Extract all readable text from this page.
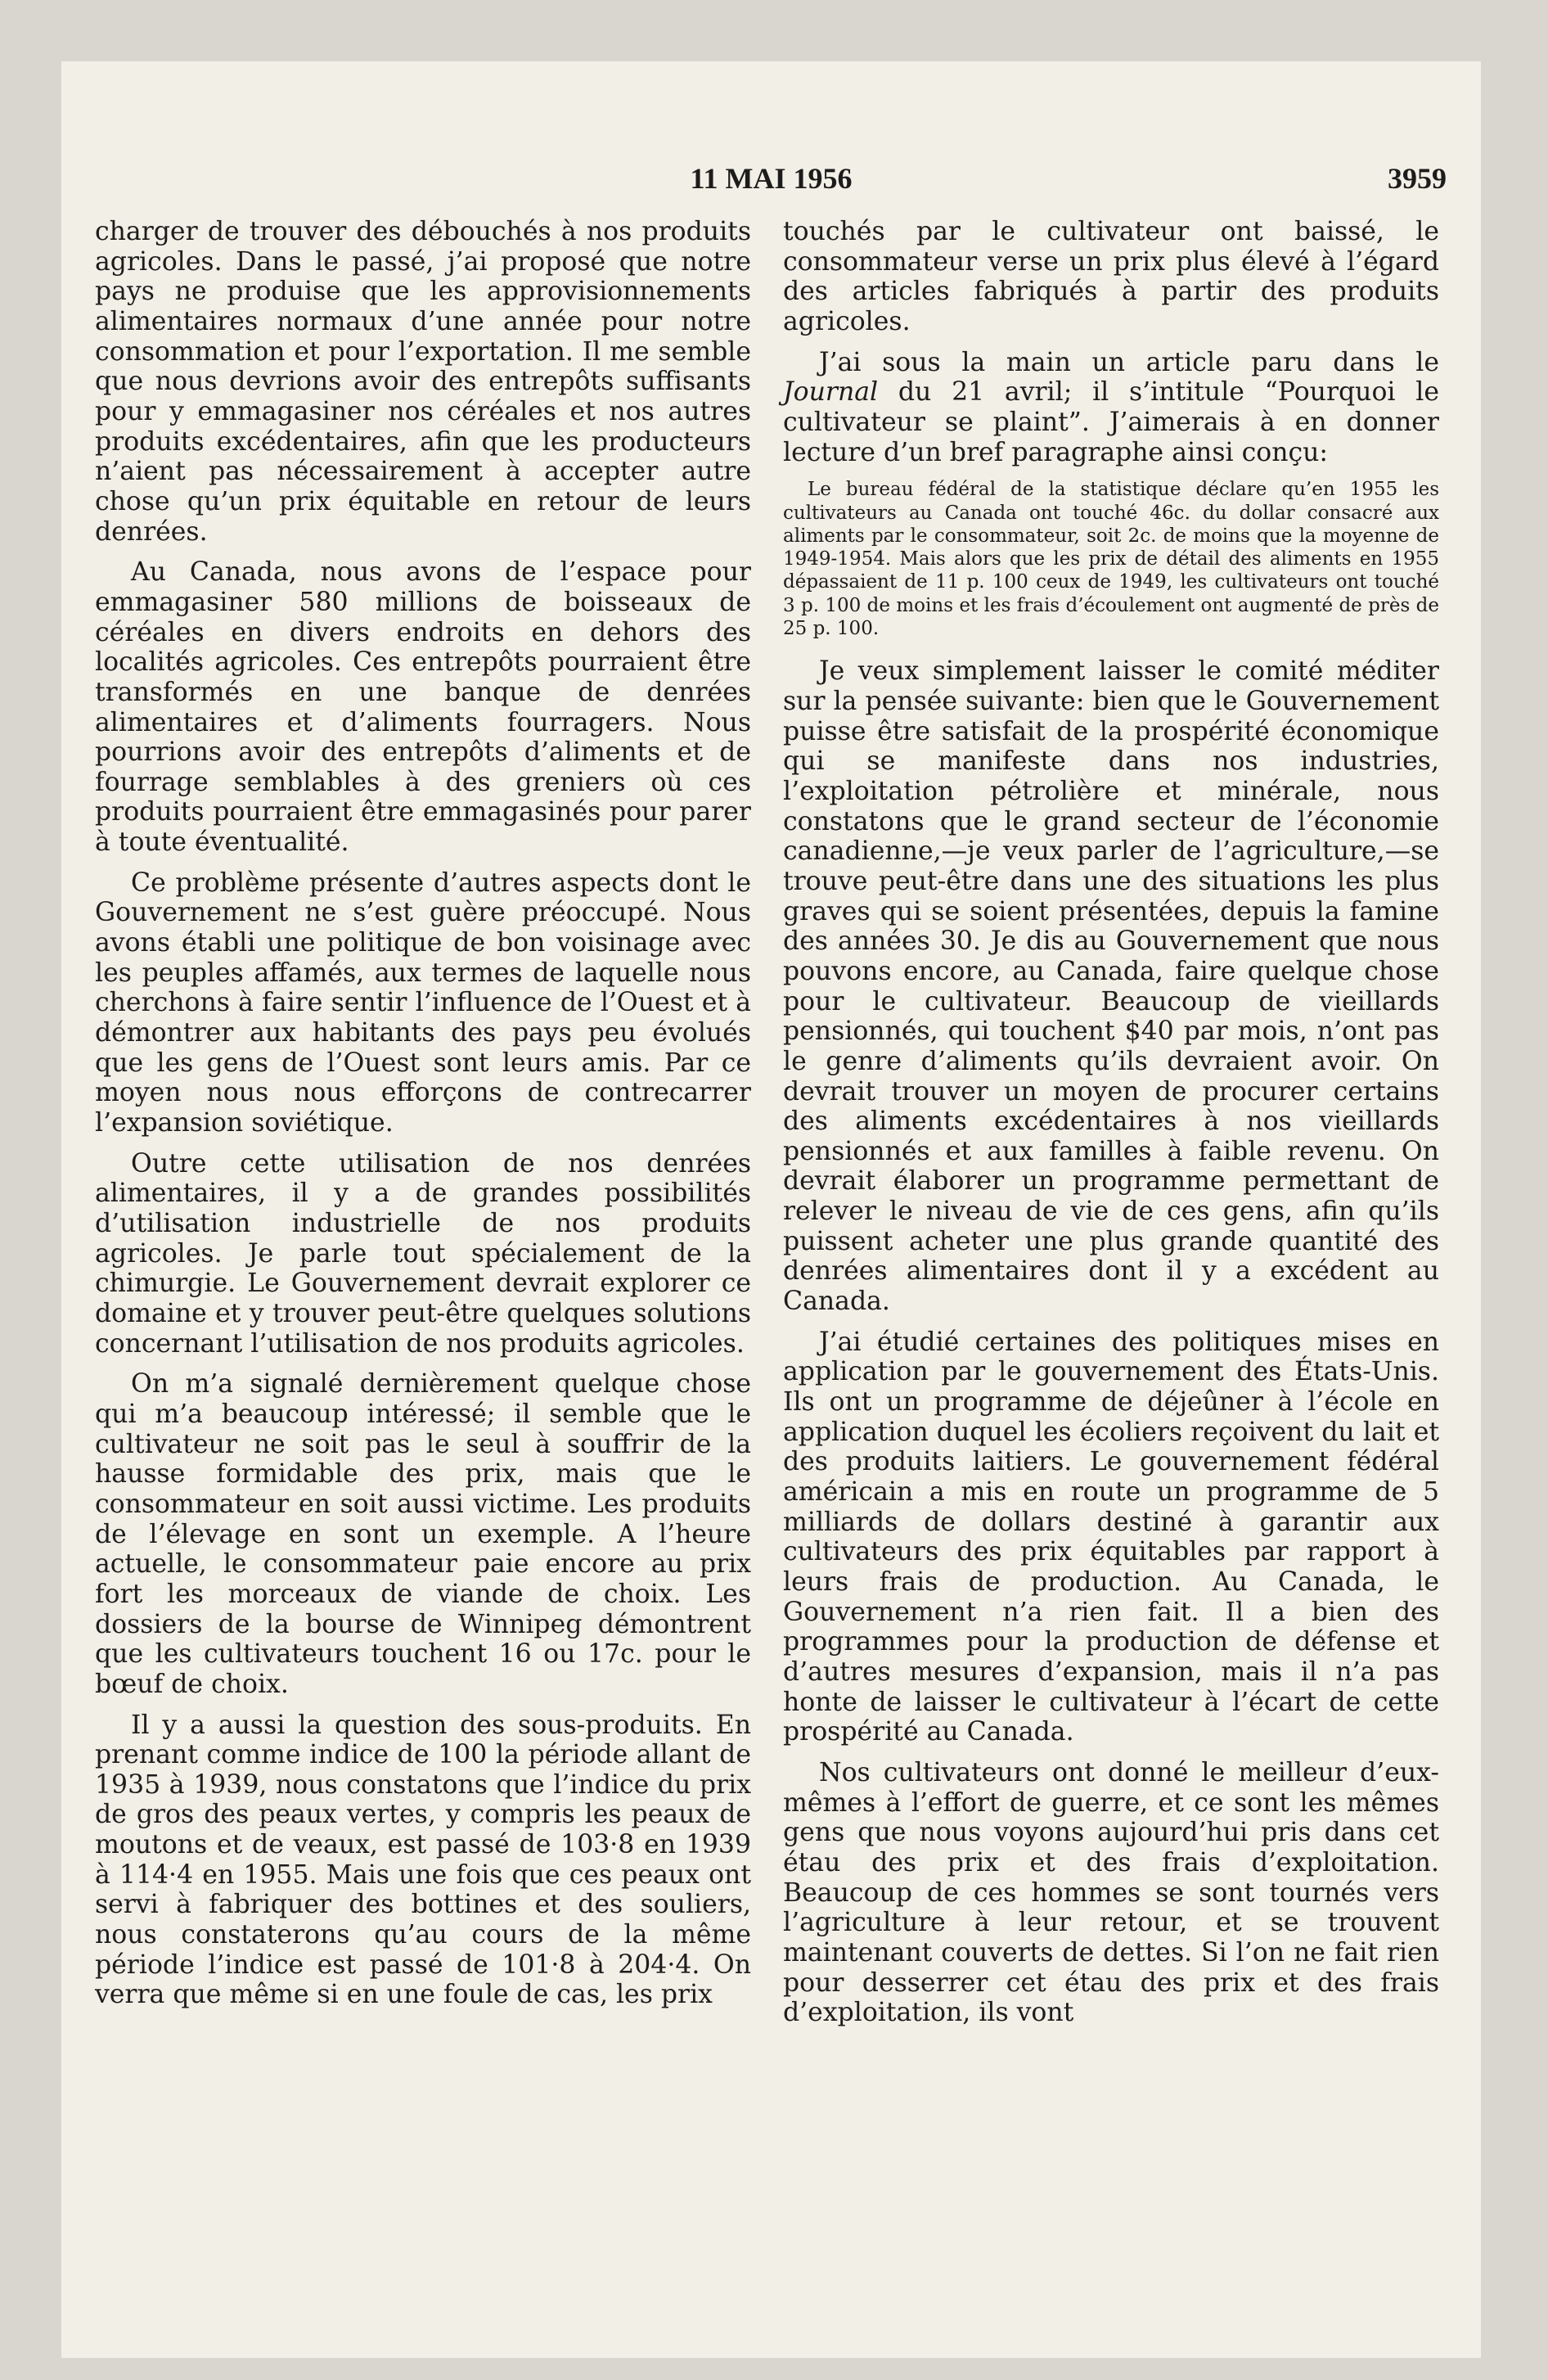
11 MAI 1956	3959

charger de trouver des débouchés à nos produits agricoles. Dans le passé, j’ai proposé que notre pays ne produise que les approvisionnements alimentaires normaux d’une année pour notre consommation et pour l’exportation. Il me semble que nous devrions avoir des entrepôts suffisants pour y emmagasiner nos céréales et nos autres produits excédentaires, afin que les producteurs n’aient pas nécessairement à accepter autre chose qu’un prix équitable en retour de leurs denrées.

Au Canada, nous avons de l’espace pour emmagasiner 580 millions de boisseaux de céréales en divers endroits en dehors des localités agricoles. Ces entrepôts pourraient être transformés en une banque de denrées alimentaires et d’aliments fourragers. Nous pourrions avoir des entrepôts d’aliments et de fourrage semblables à des greniers où ces produits pourraient être emmagasinés pour parer à toute éventualité.

Ce problème présente d’autres aspects dont le Gouvernement ne s’est guère préoccupé. Nous avons établi une politique de bon voisinage avec les peuples affamés, aux termes de laquelle nous cherchons à faire sentir l’influence de l’Ouest et à démontrer aux habitants des pays peu évolués que les gens de l’Ouest sont leurs amis. Par ce moyen nous nous efforçons de contrecarrer l’expansion soviétique.

Outre cette utilisation de nos denrées alimentaires, il y a de grandes possibilités d’utilisation industrielle de nos produits agricoles. Je parle tout spécialement de la chimurgie. Le Gouvernement devrait explorer ce domaine et y trouver peut-être quelques solutions concernant l’utilisation de nos produits agricoles.

On m’a signalé dernièrement quelque chose qui m’a beaucoup intéressé; il semble que le cultivateur ne soit pas le seul à souffrir de la hausse formidable des prix, mais que le consommateur en soit aussi victime. Les produits de l’élevage en sont un exemple. A l’heure actuelle, le consommateur paie encore au prix fort les morceaux de viande de choix. Les dossiers de la bourse de Winnipeg démontrent que les cultivateurs touchent 16 ou 17c. pour le bœuf de choix.

Il y a aussi la question des sous-produits. En prenant comme indice de 100 la période allant de 1935 à 1939, nous constatons que l’indice du prix de gros des peaux vertes, y compris les peaux de moutons et de veaux, est passé de 103·8 en 1939 à 114·4 en 1955. Mais une fois que ces peaux ont servi à fabriquer des bottines et des souliers, nous constaterons qu’au cours de la même période l’indice est passé de 101·8 à 204·4. On verra que même si en une foule de cas, les prix

touchés par le cultivateur ont baissé, le consommateur verse un prix plus élevé à l’égard des articles fabriqués à partir des produits agricoles.

J’ai sous la main un article paru dans le Journal du 21 avril; il s’intitule “Pourquoi le cultivateur se plaint”. J’aimerais à en donner lecture d’un bref paragraphe ainsi conçu:

Le bureau fédéral de la statistique déclare qu’en 1955 les cultivateurs au Canada ont touché 46c. du dollar consacré aux aliments par le consommateur, soit 2c. de moins que la moyenne de 1949-1954. Mais alors que les prix de détail des aliments en 1955 dépassaient de 11 p. 100 ceux de 1949, les cultivateurs ont touché 3 p. 100 de moins et les frais d’écoulement ont augmenté de près de 25 p. 100.

Je veux simplement laisser le comité méditer sur la pensée suivante: bien que le Gouvernement puisse être satisfait de la prospérité économique qui se manifeste dans nos industries, l’exploitation pétrolière et minérale, nous constatons que le grand secteur de l’économie canadienne,—je veux parler de l’agriculture,—se trouve peut-être dans une des situations les plus graves qui se soient présentées, depuis la famine des années 30. Je dis au Gouvernement que nous pouvons encore, au Canada, faire quelque chose pour le cultivateur. Beaucoup de vieillards pensionnés, qui touchent $40 par mois, n’ont pas le genre d’aliments qu’ils devraient avoir. On devrait trouver un moyen de procurer certains des aliments excédentaires à nos vieillards pensionnés et aux familles à faible revenu. On devrait élaborer un programme permettant de relever le niveau de vie de ces gens, afin qu’ils puissent acheter une plus grande quantité des denrées alimentaires dont il y a excédent au Canada.

J’ai étudié certaines des politiques mises en application par le gouvernement des États-Unis. Ils ont un programme de déjeûner à l’école en application duquel les écoliers reçoivent du lait et des produits laitiers. Le gouvernement fédéral américain a mis en route un programme de 5 milliards de dollars destiné à garantir aux cultivateurs des prix équitables par rapport à leurs frais de production. Au Canada, le Gouvernement n’a rien fait. Il a bien des programmes pour la production de défense et d’autres mesures d’expansion, mais il n’a pas honte de laisser le cultivateur à l’écart de cette prospérité au Canada.

Nos cultivateurs ont donné le meilleur d’eux-mêmes à l’effort de guerre, et ce sont les mêmes gens que nous voyons aujourd’hui pris dans cet étau des prix et des frais d’exploitation. Beaucoup de ces hommes se sont tournés vers l’agriculture à leur retour, et se trouvent maintenant couverts de dettes. Si l’on ne fait rien pour desserrer cet étau des prix et des frais d’exploitation, ils vont
